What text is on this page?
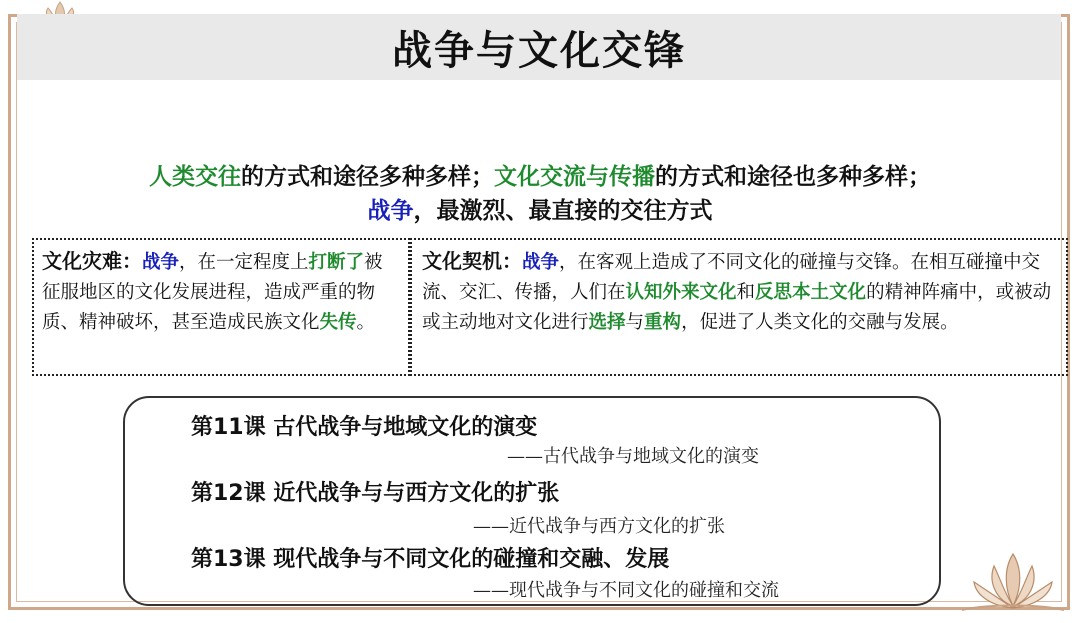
战争与文化交锋
人类交往的方式和途径多种多样；文化交流与传播的方式和途径也多种多样；
战争，最激烈、最直接的交往方式
文化灾难：战争，在一定程度上打断了被征服地区的文化发展进程，造成严重的物质、精神破坏，甚至造成民族文化失传。
文化契机：战争，在客观上造成了不同文化的碰撞与交锋。在相互碰撞中交流、交汇、传播，人们在认知外来文化和反思本土文化的精神阵痛中，或被动或主动地对文化进行选择与重构，促进了人类文化的交融与发展。
第11课 古代战争与地域文化的演变
——古代战争与地域文化的演变
第12课 近代战争与与西方文化的扩张
——近代战争与西方文化的扩张
第13课 现代战争与不同文化的碰撞和交融、发展
——现代战争与不同文化的碰撞和交流
